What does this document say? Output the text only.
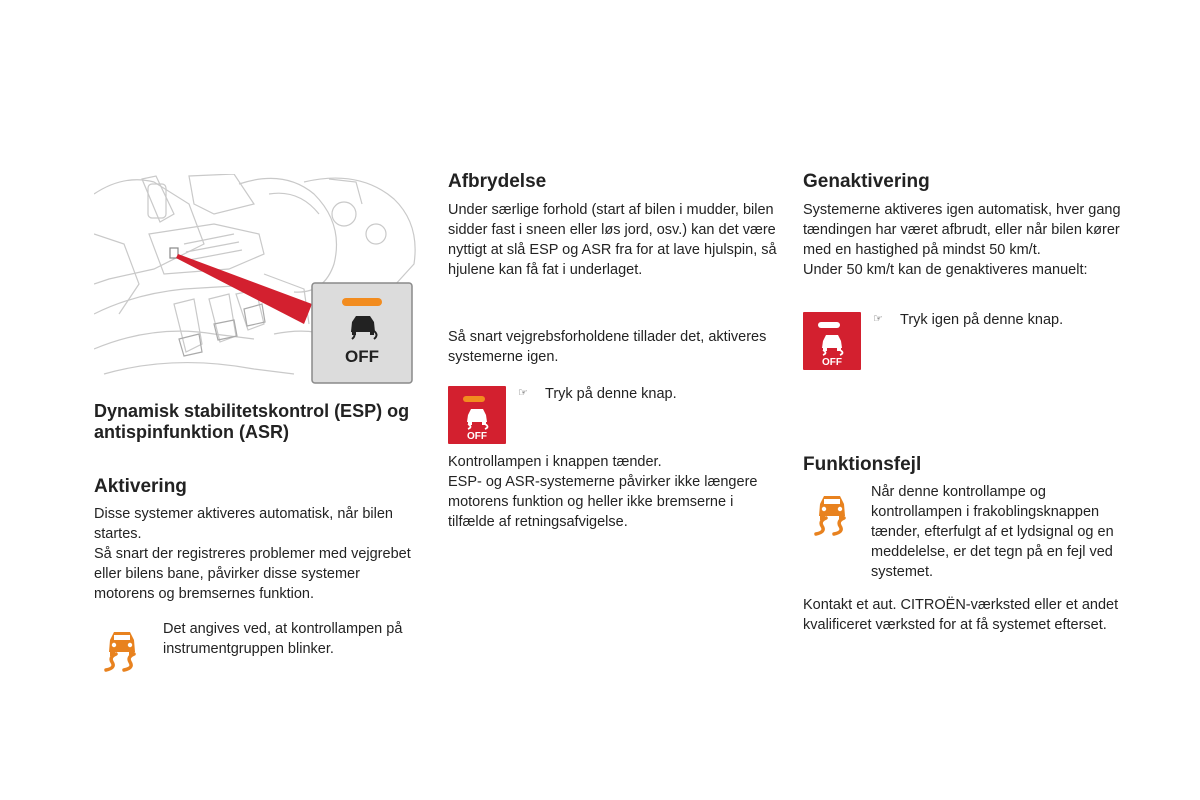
OFF
Dynamisk stabilitetskontrol (ESP) og antispinfunktion (ASR)
Aktivering

Disse systemer aktiveres automatisk, når bilen startes.
Så snart der registreres problemer med vejgrebet eller bilens bane, påvirker disse systemer motorens og bremsernes funktion.

Det angives ved, at kontrollampen på instrumentgruppen blinker.

Afbrydelse

Under særlige forhold (start af bilen i mudder, bilen sidder fast i sneen eller løs jord, osv.) kan det være nyttigt at slå ESP og ASR fra for at lave hjulspin, så hjulene kan få fat i underlaget.

Så snart vejgrebsforholdene tillader det, aktiveres systemerne igen.

OFF
☞ Tryk på denne knap.

Kontrollampen i knappen tænder.
ESP- og ASR-systemerne påvirker ikke længere motorens funktion og heller ikke bremserne i tilfælde af retningsafvigelse.

Genaktivering

Systemerne aktiveres igen automatisk, hver gang tændingen har været afbrudt, eller når bilen kører med en hastighed på mindst 50 km/t.
Under 50 km/t kan de genaktiveres manuelt:

OFF
☞ Tryk igen på denne knap.

Funktionsfejl

Når denne kontrollampe og kontrollampen i frakoblingsknappen tænder, efterfulgt af et lydsignal og en meddelelse, er det tegn på en fejl ved systemet.

Kontakt et aut. CITROËN-værksted eller et andet kvalificeret værksted for at få systemet efterset.
